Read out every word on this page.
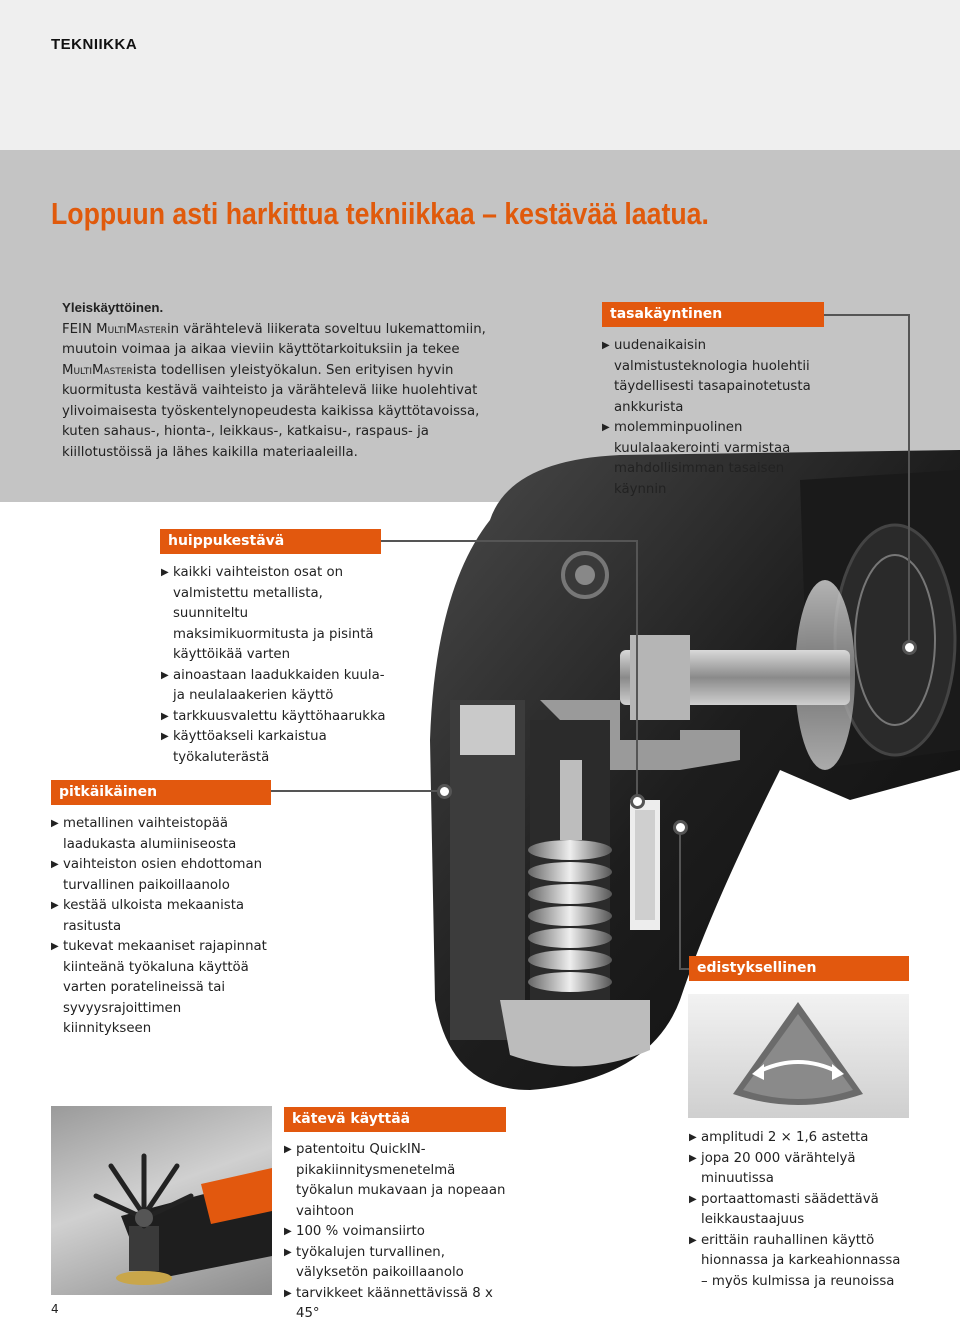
TEKNIIKKA
Loppuun asti harkittua tekniikkaa – kestävää laatua.
Yleiskäyttöinen.
FEIN MultiMasterin värähtelevä liikerata soveltuu lukemattomiin, muutoin voimaa ja aikaa vieviin käyttötarkoituksiin ja tekee MultiMasterista todellisen yleistyökalun. Sen erityisen hyvin kuormitusta kestävä vaihteisto ja värähtelevä liike huolehtivat ylivoimaisesta työskentelynopeudesta kaikissa käyttötavoissa, kuten sahaus-, hionta-, leikkaus-, katkaisu-, raspaus- ja kiillotustöissä ja lähes kaikilla materiaaleilla.
tasakäyntinen
▶ uudenaikaisin valmistusteknologia huolehtii täydellisesti tasapainotetusta ankkurista
▶ molemminpuolinen kuulalaakerointi varmistaa mahdollisimman tasaisen käynnin
huippukestävä
▶ kaikki vaihteiston osat on valmistettu metallista, suunniteltu maksimikuormitusta ja pisintä käyttöikää varten
▶ ainoastaan laadukkaiden kuula- ja neulalaakerien käyttö
▶ tarkkuusvalettu käyttöhaarukka
▶ käyttöakseli karkaistua työkaluterästä
pitkäikäinen
▶ metallinen vaihteistopää laadukasta alumiiniseosta
▶ vaihteiston osien ehdottoman turvallinen paikoillaanolo
▶ kestää ulkoista mekaanista rasitusta
▶ tukevat mekaaniset rajapinnat kiinteänä työkaluna käyttöä varten poratelineissä tai syvyysrajoittimen kiinnitykseen
edistyksellinen
▶ amplitudi 2 × 1,6 astetta
▶ jopa 20 000 värähtelyä minuutissa
▶ portaattomasti säädettävä leikkaustaajuus
▶ erittäin rauhallinen käyttö hionnassa ja karkeahionnassa – myös kulmissa ja reunoissa
kätevä käyttää
▶ patentoitu QuickIN-pikakiinnitysmenetelmä työkalun mukavaan ja nopeaan vaihtoon
▶ 100 % voimansiirto
▶ työkalujen turvallinen, välyksetön paikoillaanolo
▶ tarvikkeet käännettävissä 8 x 45°
4
